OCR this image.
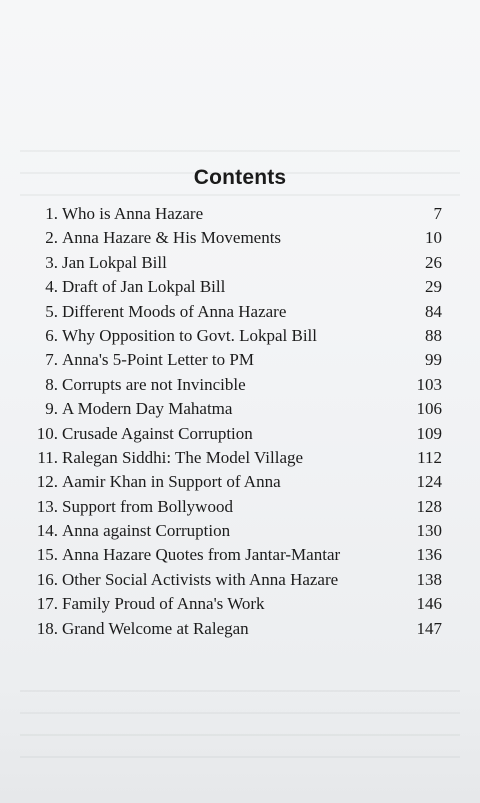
Contents
1. Who is Anna Hazare	7
2. Anna Hazare & His Movements	10
3. Jan Lokpal Bill	26
4. Draft of Jan Lokpal Bill	29
5. Different Moods of Anna Hazare	84
6. Why Opposition to Govt. Lokpal Bill	88
7. Anna's 5-Point Letter to PM	99
8. Corrupts are not Invincible	103
9. A Modern Day Mahatma	106
10. Crusade Against Corruption	109
11. Ralegan Siddhi: The Model Village	112
12. Aamir Khan in Support of Anna	124
13. Support from Bollywood	128
14. Anna against Corruption	130
15. Anna Hazare Quotes from Jantar-Mantar	136
16. Other Social Activists with Anna Hazare	138
17. Family Proud of Anna's Work	146
18. Grand Welcome at Ralegan	147
